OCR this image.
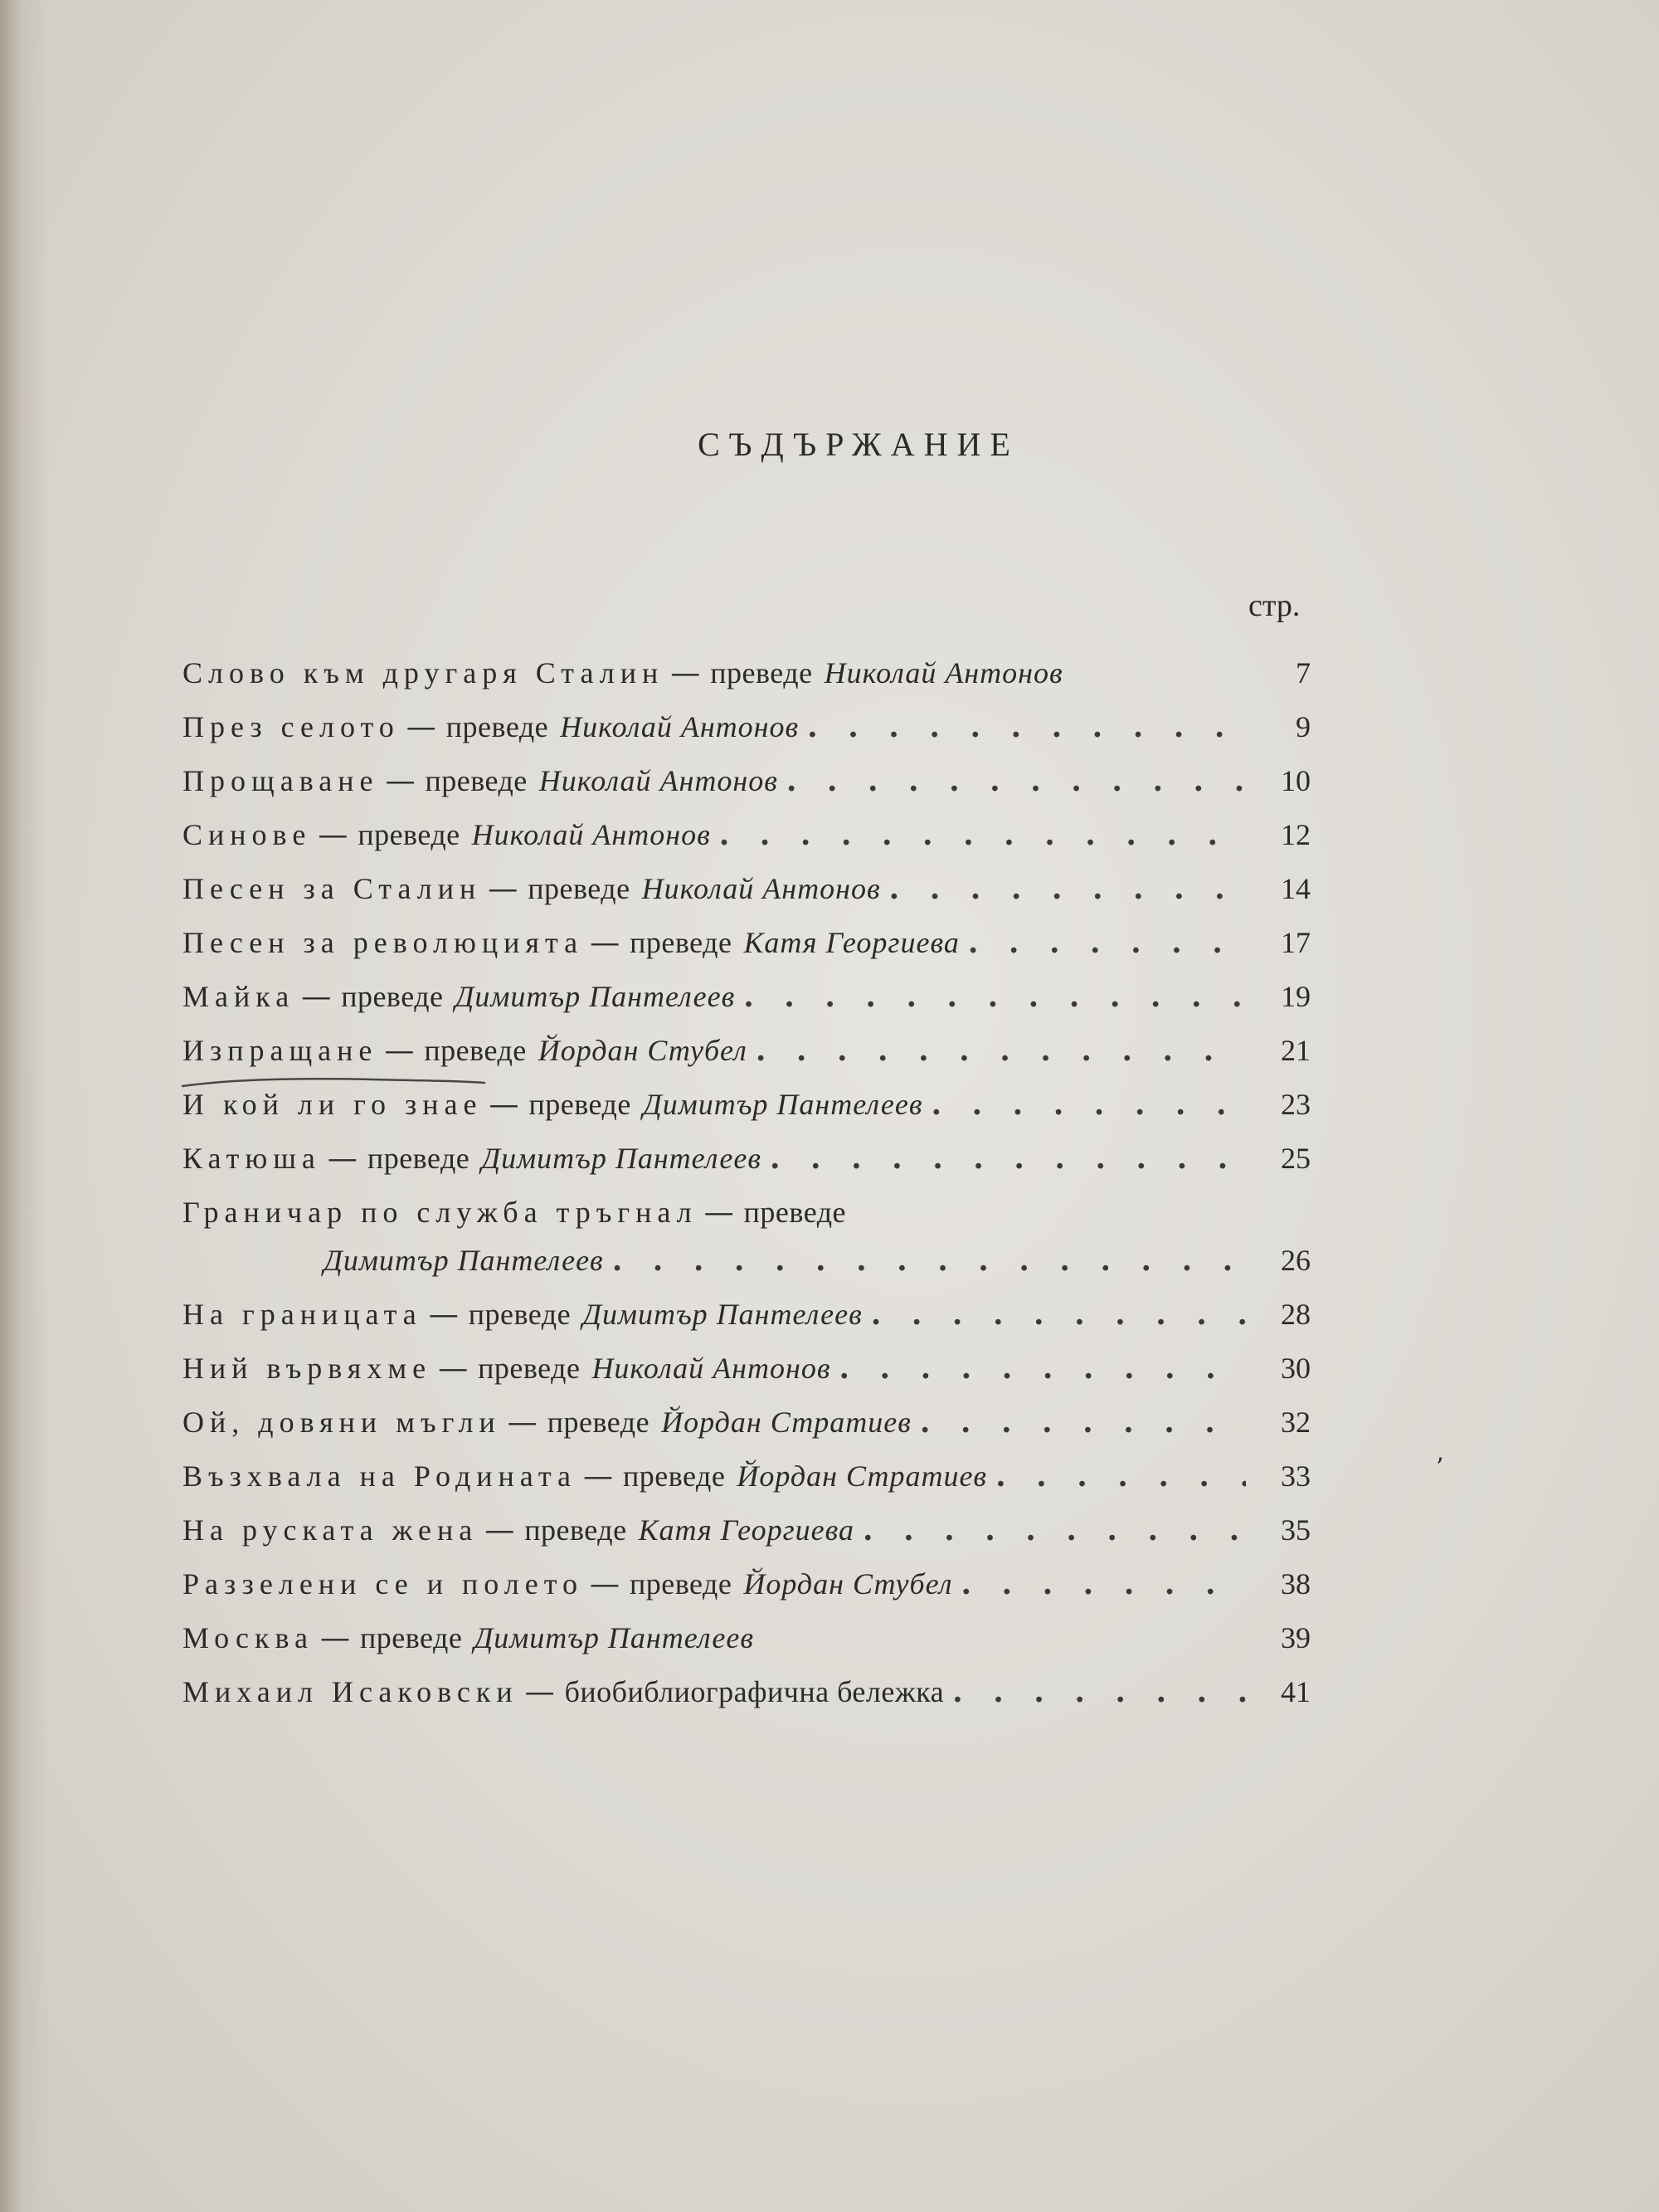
СЪДЪРЖАНИЕ
стр.
Слово към другаря Сталин — преведе Николай Антонов	7
През селото — преведе Николай Антонов . . .	9
Прощаване — преведе Николай Антонов . . .	10
Синове — преведе Николай Антонов . . .	12
Песен за Сталин — преведе Николай Антонов . . .	14
Песен за революцията — преведе Катя Георгиева . . .	17
Майка — преведе Димитър Пантелеев . . .	19
Изпращане — преведе Йордан Стубел . . .	21
И кой ли го знае — преведе Димитър Пантелеев . . .	23
Катюша — преведе Димитър Пантелеев . . .	25
Граничар по служба тръгнал — преведе
Димитър Пантелеев . . .	26
На границата — преведе Димитър Пантелеев . . .	28
Ний вървяхме — преведе Николай Антонов . . .	30
Ой, довяни мъгли — преведе Йордан Стратиев . . .	32
Възхвала на Родината — преведе Йордан Стратиев . . .	33
На руската жена — преведе Катя Георгиева . . .	35
Раззелени се и полето — преведе Йордан Стубел . . .	38
Москва — преведе Димитър Пантелеев	39
Михаил Исаковски — биобиблиографична бележка . . .	41
ʼ
